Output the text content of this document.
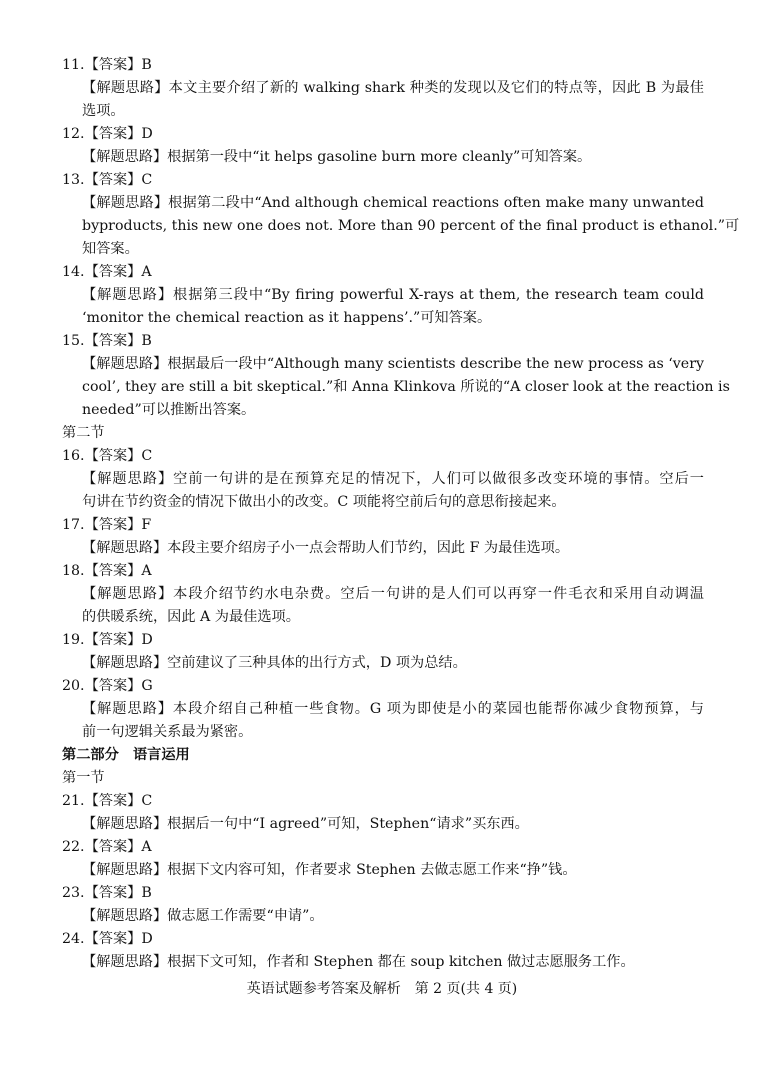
11.【答案】B
【解题思路】本文主要介绍了新的 walking shark 种类的发现以及它们的特点等，因此 B 为最佳
选项。
12.【答案】D
【解题思路】根据第一段中“it helps gasoline burn more cleanly”可知答案。
13.【答案】C
【解题思路】根据第二段中“And although chemical reactions often make many unwanted
byproducts, this new one does not. More than 90 percent of the final product is ethanol.”可
知答案。
14.【答案】A
【解题思路】根据第三段中“By firing powerful X-rays at them, the research team could
‘monitor the chemical reaction as it happens’.”可知答案。
15.【答案】B
【解题思路】根据最后一段中“Although many scientists describe the new process as ‘very
cool’, they are still a bit skeptical.”和 Anna Klinkova 所说的“A closer look at the reaction is
needed”可以推断出答案。
第二节
16.【答案】C
【解题思路】空前一句讲的是在预算充足的情况下，人们可以做很多改变环境的事情。空后一
句讲在节约资金的情况下做出小的改变。C 项能将空前后句的意思衔接起来。
17.【答案】F
【解题思路】本段主要介绍房子小一点会帮助人们节约，因此 F 为最佳选项。
18.【答案】A
【解题思路】本段介绍节约水电杂费。空后一句讲的是人们可以再穿一件毛衣和采用自动调温
的供暖系统，因此 A 为最佳选项。
19.【答案】D
【解题思路】空前建议了三种具体的出行方式，D 项为总结。
20.【答案】G
【解题思路】本段介绍自己种植一些食物。G 项为即使是小的菜园也能帮你减少食物预算，与
前一句逻辑关系最为紧密。
第二部分　语言运用
第一节
21.【答案】C
【解题思路】根据后一句中“I agreed”可知，Stephen“请求”买东西。
22.【答案】A
【解题思路】根据下文内容可知，作者要求 Stephen 去做志愿工作来“挣”钱。
23.【答案】B
【解题思路】做志愿工作需要“申请”。
24.【答案】D
【解题思路】根据下文可知，作者和 Stephen 都在 soup kitchen 做过志愿服务工作。
英语试题参考答案及解析　第 2 页(共 4 页)
